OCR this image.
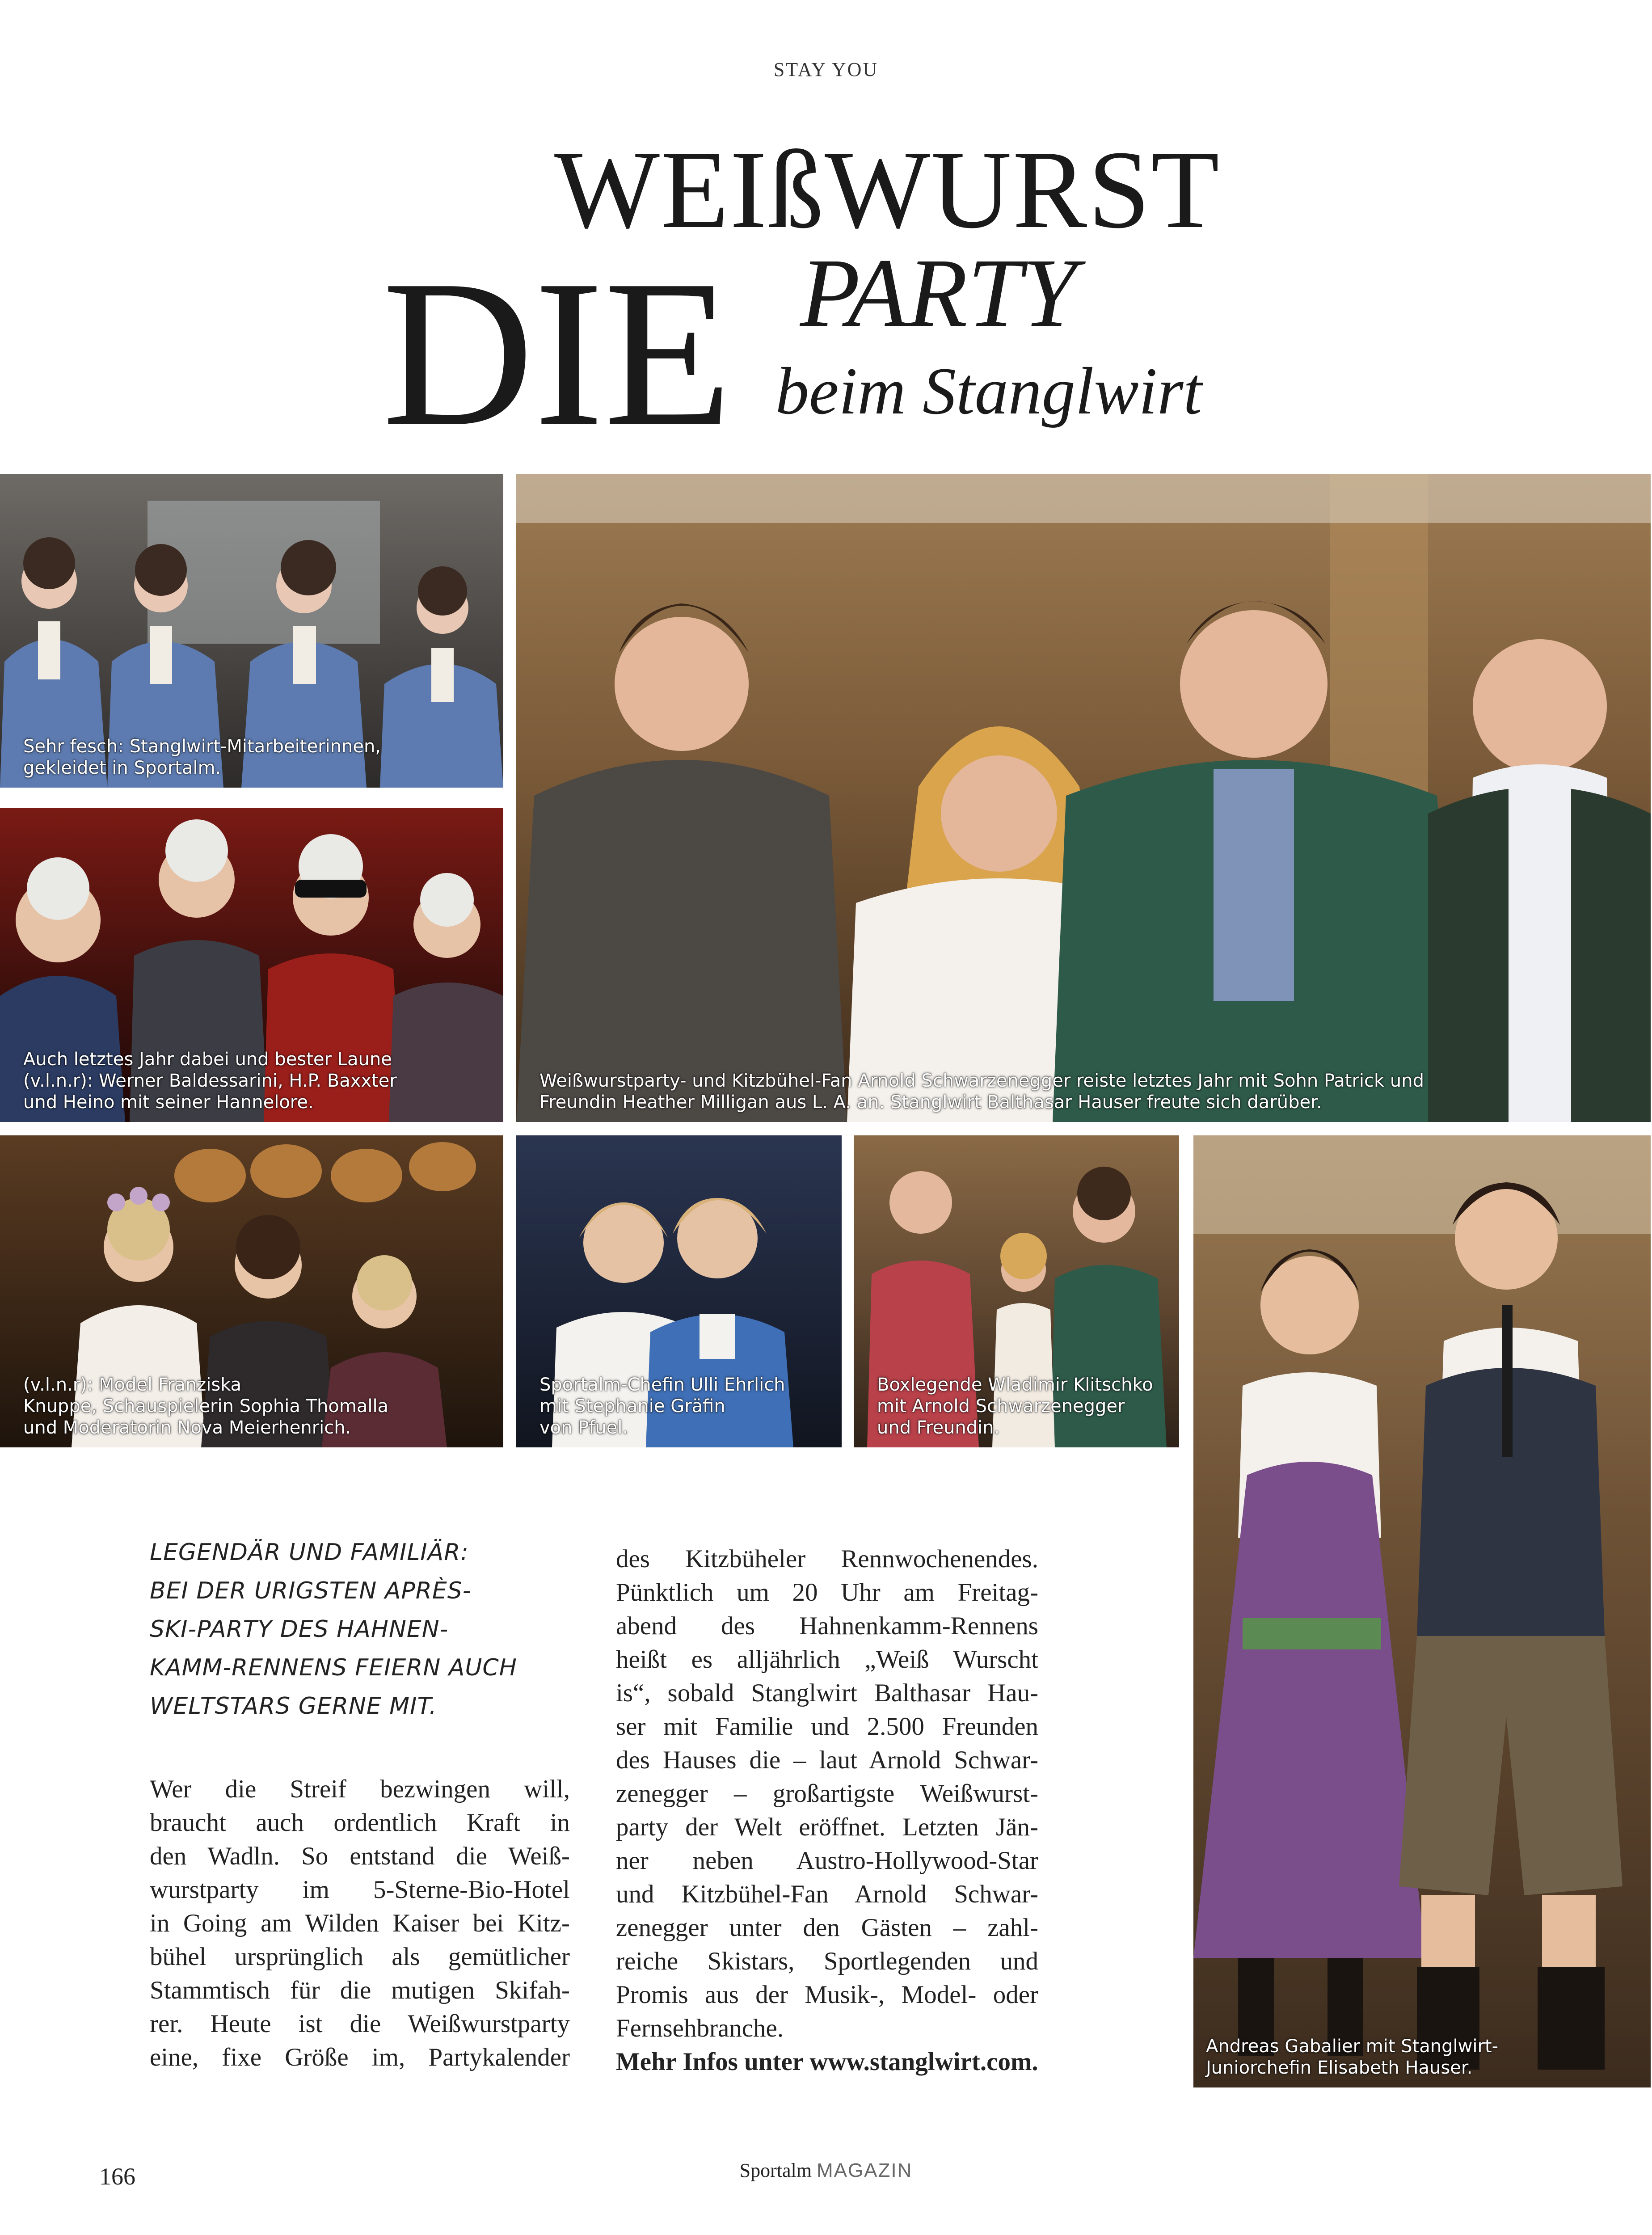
STAY YOU
WEIßWURST
DIE PARTY
beim Stanglwirt
Sehr fesch: Stanglwirt-Mitarbeiterinnen,
gekleidet in Sportalm.
Auch letztes Jahr dabei und bester Laune
(v.l.n.r): Werner Baldessarini, H.P. Baxxter
und Heino mit seiner Hannelore.
Weißwurstparty- und Kitzbühel-Fan Arnold Schwarzenegger reiste letztes Jahr mit Sohn Patrick und
Freundin Heather Milligan aus L. A. an. Stanglwirt Balthasar Hauser freute sich darüber.
(v.l.n.r): Model Franziska
Knuppe, Schauspielerin Sophia Thomalla
und Moderatorin Nova Meierhenrich.
Sportalm-Chefin Ulli Ehrlich
mit Stephanie Gräfin
von Pfuel.
Boxlegende Wladimir Klitschko
mit Arnold Schwarzenegger
und Freundin.
Andreas Gabalier mit Stanglwirt-
Juniorchefin Elisabeth Hauser.
LEGENDÄR UND FAMILIÄR:
BEI DER URIGSTEN APRÈS-
SKI-PARTY DES HAHNEN-
KAMM-RENNENS FEIERN AUCH
WELTSTARS GERNE MIT.
Wer die Streif bezwingen will,
braucht auch ordentlich Kraft in
den Wadln. So entstand die Weiß-
wurstparty im 5-Sterne-Bio-Hotel
in Going am Wilden Kaiser bei Kitz-
bühel ursprünglich als gemütlicher
Stammtisch für die mutigen Skifah-
rer. Heute ist die Weißwurstparty
eine, fixe Größe im, Partykalender
des Kitzbüheler Rennwochenendes.
Pünktlich um 20 Uhr am Freitag-
abend des Hahnenkamm-Rennens
heißt es alljährlich „Weiß Wurscht
is“, sobald Stanglwirt Balthasar Hau-
ser mit Familie und 2.500 Freunden
des Hauses die – laut Arnold Schwar-
zenegger – großartigste Weißwurst-
party der Welt eröffnet. Letzten Jän-
ner neben Austro-Hollywood-Star
und Kitzbühel-Fan Arnold Schwar-
zenegger unter den Gästen – zahl-
reiche Skistars, Sportlegenden und
Promis aus der Musik-, Model- oder
Fernsehbranche.
Mehr Infos unter www.stanglwirt.com.
166	Sportalm MAGAZIN
